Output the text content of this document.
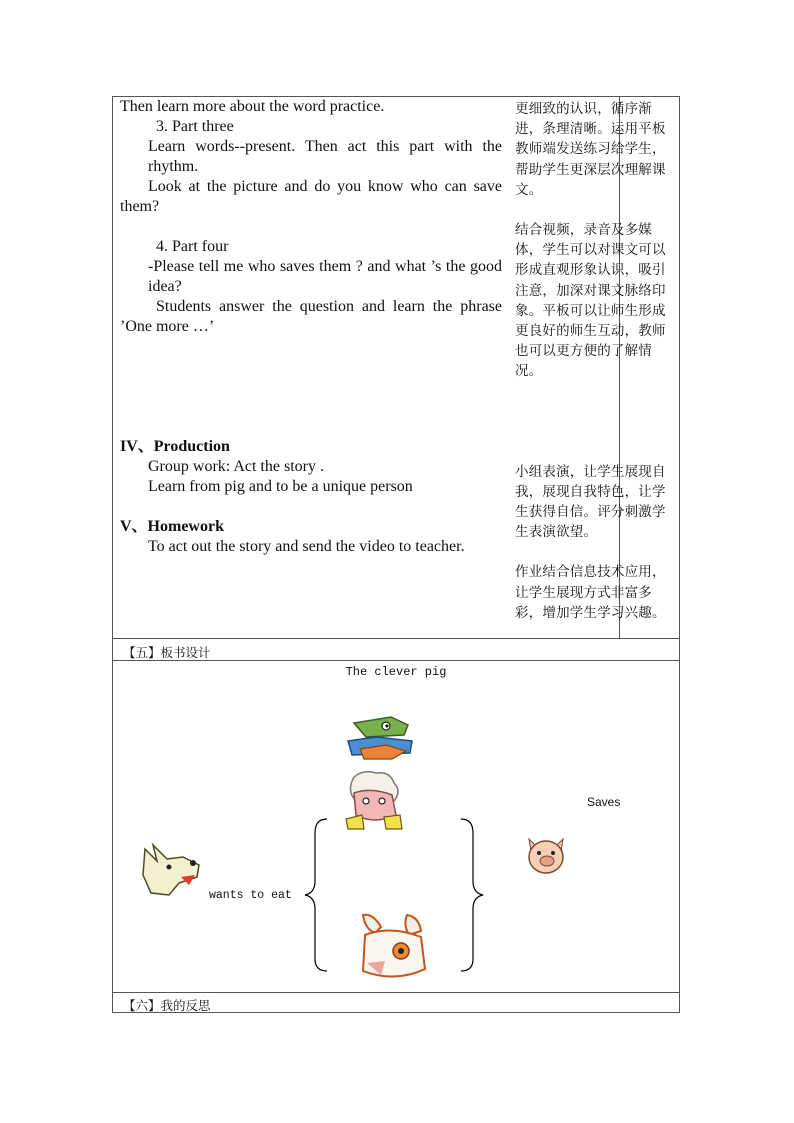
Then learn more about the word practice.

3. Part three

Learn words--present. Then act this part with the rhythm.

Look at the picture and do you know who can save them?

4. Part four

-Please tell me who saves them ? and what ’s the good idea?

Students answer the question and learn the phrase ’One more …’

IV、Production

Group work: Act the story .

Learn from pig and to be a unique person

V、Homework

To act out the story and send the video to teacher.

更细致的认识，循序渐进，条理清晰。运用平板教师端发送练习给学生，帮助学生更深层次理解课文。

结合视频，录音及多媒体，学生可以对课文可以形成直观形象认识，吸引注意，加深对课文脉络印象。平板可以让师生形成更良好的师生互动，教师也可以更方便的了解情况。

小组表演，让学生展现自我，展现自我特色，让学生获得自信。评分刺激学生表演欲望。

作业结合信息技术应用，让学生展现方式非富多彩，增加学生学习兴趣。

【五】板书设计
The clever pig
wants to eat
Saves
【六】我的反思
